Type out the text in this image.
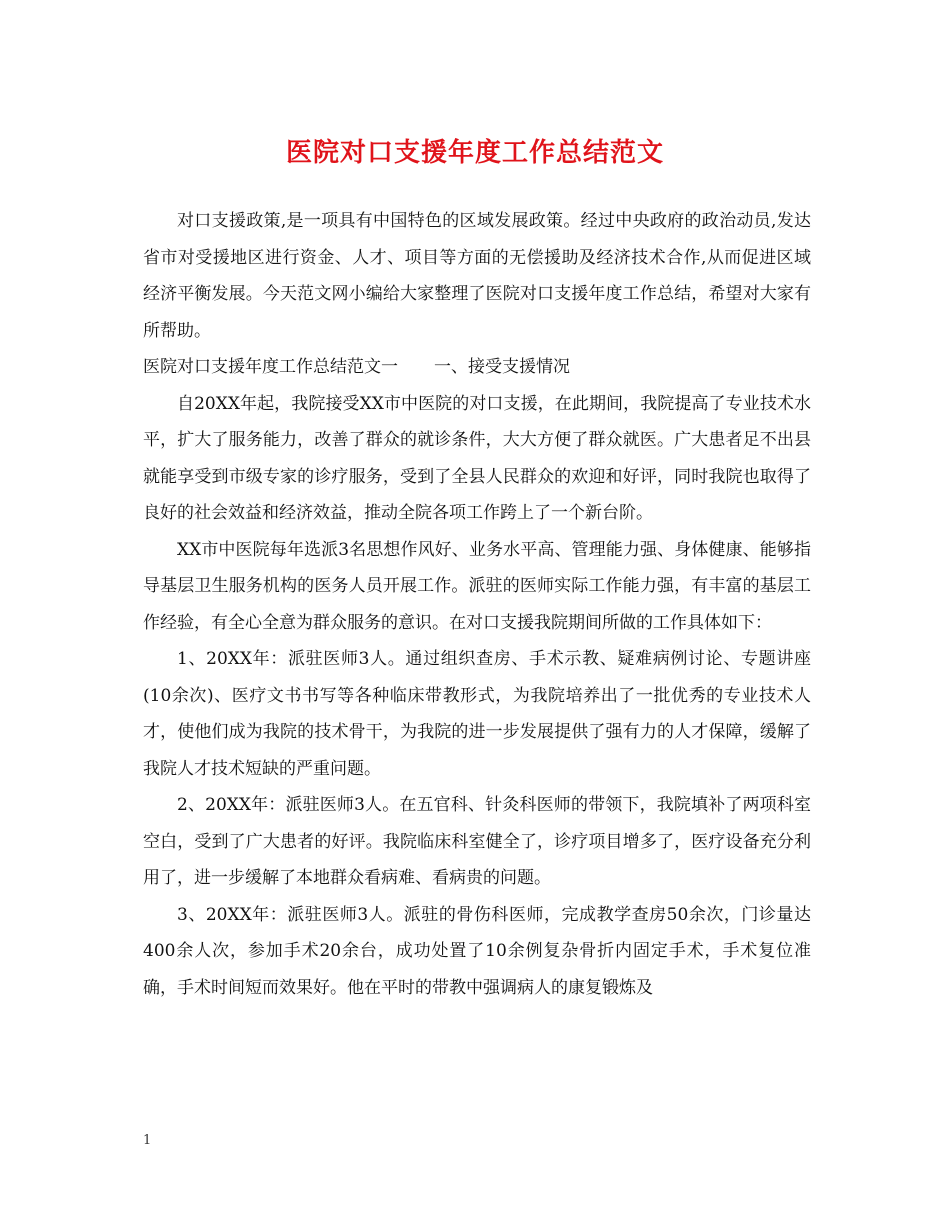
医院对口支援年度工作总结范文

对口支援政策,是一项具有中国特色的区域发展政策。经过中央政府的政治动员,发达省市对受援地区进行资金、人才、项目等方面的无偿援助及经济技术合作,从而促进区域经济平衡发展。今天范文网小编给大家整理了医院对口支援年度工作总结，希望对大家有所帮助。

医院对口支援年度工作总结范文一 一、接受支援情况

自20XX年起，我院接受XX市中医院的对口支援，在此期间，我院提高了专业技术水平，扩大了服务能力，改善了群众的就诊条件，大大方便了群众就医。广大患者足不出县就能享受到市级专家的诊疗服务，受到了全县人民群众的欢迎和好评，同时我院也取得了良好的社会效益和经济效益，推动全院各项工作跨上了一个新台阶。

XX市中医院每年选派3名思想作风好、业务水平高、管理能力强、身体健康、能够指导基层卫生服务机构的医务人员开展工作。派驻的医师实际工作能力强，有丰富的基层工作经验，有全心全意为群众服务的意识。在对口支援我院期间所做的工作具体如下：

1、20XX年：派驻医师3人。通过组织查房、手术示教、疑难病例讨论、专题讲座(10余次)、医疗文书书写等各种临床带教形式，为我院培养出了一批优秀的专业技术人才，使他们成为我院的技术骨干，为我院的进一步发展提供了强有力的人才保障，缓解了我院人才技术短缺的严重问题。

2、20XX年：派驻医师3人。在五官科、针灸科医师的带领下，我院填补了两项科室空白，受到了广大患者的好评。我院临床科室健全了，诊疗项目增多了，医疗设备充分利用了，进一步缓解了本地群众看病难、看病贵的问题。

3、20XX年：派驻医师3人。派驻的骨伤科医师，完成教学查房50余次，门诊量达400余人次，参加手术20余台，成功处置了10余例复杂骨折内固定手术，手术复位准确，手术时间短而效果好。他在平时的带教中强调病人的康复锻炼及

1
